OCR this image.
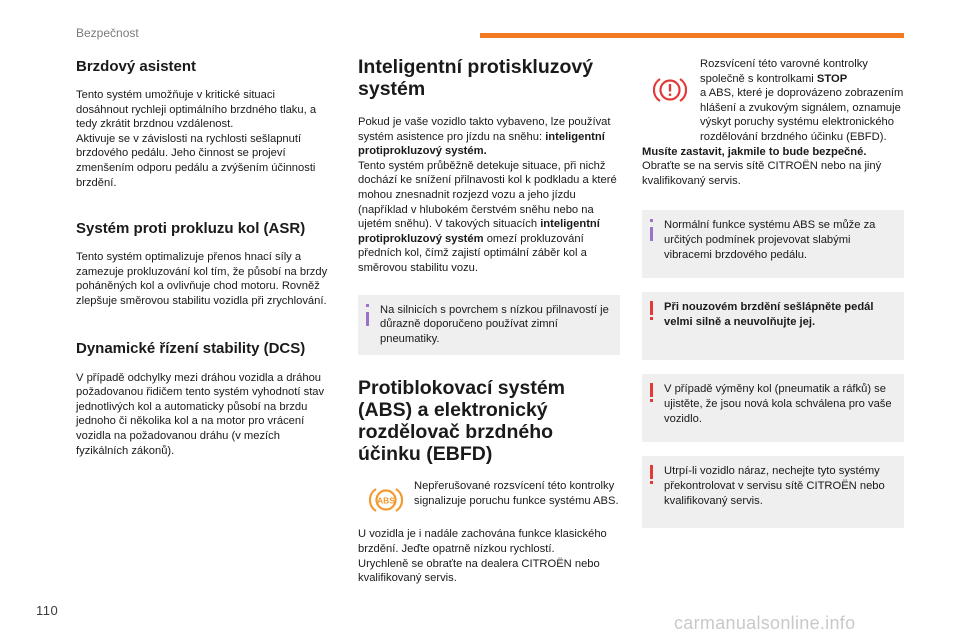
Bezpečnost
Brzdový asistent

Tento systém umožňuje v kritické situaci dosáhnout rychleji optimálního brzdného tlaku, a tedy zkrátit brzdnou vzdálenost.

Aktivuje se v závislosti na rychlosti sešlapnutí brzdového pedálu. Jeho činnost se projeví zmenšením odporu pedálu a zvýšením účinnosti brzdění.

Systém proti prokluzu kol (ASR)

Tento systém optimalizuje přenos hnací síly a zamezuje prokluzování kol tím, že působí na brzdy poháněných kol a ovlivňuje chod motoru. Rovněž zlepšuje směrovou stabilitu vozidla při zrychlování.

Dynamické řízení stability (DCS)

V případě odchylky mezi dráhou vozidla a dráhou požadovanou řidičem tento systém vyhodnotí stav jednotlivých kol a automaticky působí na brzdu jednoho či několika kol a na motor pro vrácení vozidla na požadovanou dráhu (v mezích fyzikálních zákonů).

Inteligentní protiskluzový systém

Pokud je vaše vozidlo takto vybaveno, lze používat systém asistence pro jízdu na sněhu: inteligentní protiprokluzový systém.

Tento systém průběžně detekuje situace, při nichž dochází ke snížení přilnavosti kol k podkladu a které mohou znesnadnit rozjezd vozu a jeho jízdu (například v hlubokém čerstvém sněhu nebo na ujetém sněhu). V takových situacích inteligentní protiprokluzový systém omezí prokluzování předních kol, čímž zajistí optimální záběr kol a směrovou stabilitu vozu.

Na silnicích s povrchem s nízkou přilnavostí je důrazně doporučeno používat zimní pneumatiky.
Protiblokovací systém (ABS) a elektronický rozdělovač brzdného účinku (EBFD)
ABS

Nepřerušované rozsvícení této kontrolky signalizuje poruchu funkce systému ABS.

U vozidla je i nadále zachována funkce klasického brzdění. Jeďte opatrně nízkou rychlostí.

Urychleně se obraťte na dealera CITROËN nebo kvalifikovaný servis.

Rozsvícení této varovné kontrolky společně s kontrolkami STOP
a ABS, které je doprovázeno zobrazením hlášení a zvukovým signálem, oznamuje výskyt poruchy systému elektronického rozdělování brzdného účinku (EBFD).

Musíte zastavit, jakmile to bude bezpečné.
Obraťte se na servis sítě CITROËN nebo na jiný kvalifikovaný servis.

Normální funkce systému ABS se může za určitých podmínek projevovat slabými vibracemi brzdového pedálu.
Při nouzovém brzdění sešlápněte pedál velmi silně a neuvolňujte jej.
V případě výměny kol (pneumatik a ráfků) se ujistěte, že jsou nová kola schválena pro vaše vozidlo.
Utrpí-li vozidlo náraz, nechejte tyto systémy překontrolovat v servisu sítě CITROËN nebo kvalifikovaný servis.
110
carmanualsonline.info
